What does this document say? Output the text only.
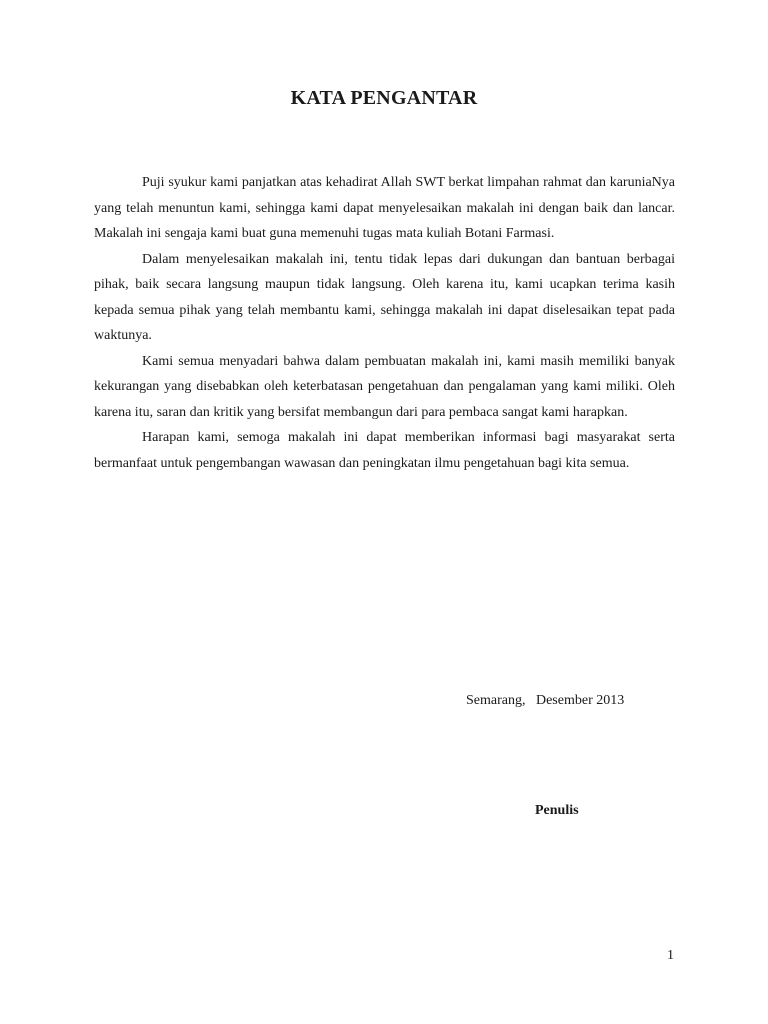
KATA PENGANTAR

Puji syukur kami panjatkan atas kehadirat Allah SWT berkat limpahan rahmat dan karuniaNya yang telah menuntun kami, sehingga kami dapat menyelesaikan makalah ini dengan baik dan lancar. Makalah ini sengaja kami buat guna memenuhi tugas mata kuliah Botani Farmasi.

Dalam menyelesaikan makalah ini, tentu tidak lepas dari dukungan dan bantuan berbagai pihak, baik secara langsung maupun tidak langsung. Oleh karena itu, kami ucapkan terima kasih kepada semua pihak yang telah membantu kami, sehingga makalah ini dapat diselesaikan tepat pada waktunya.

Kami semua menyadari bahwa dalam pembuatan makalah ini, kami masih memiliki banyak kekurangan yang disebabkan oleh keterbatasan pengetahuan dan pengalaman yang kami miliki. Oleh karena itu, saran dan kritik yang bersifat membangun dari para pembaca sangat kami harapkan.

Harapan kami, semoga makalah ini dapat memberikan informasi bagi masyarakat serta bermanfaat untuk pengembangan wawasan dan peningkatan ilmu pengetahuan bagi kita semua.

Semarang,   Desember 2013
Penulis
1
